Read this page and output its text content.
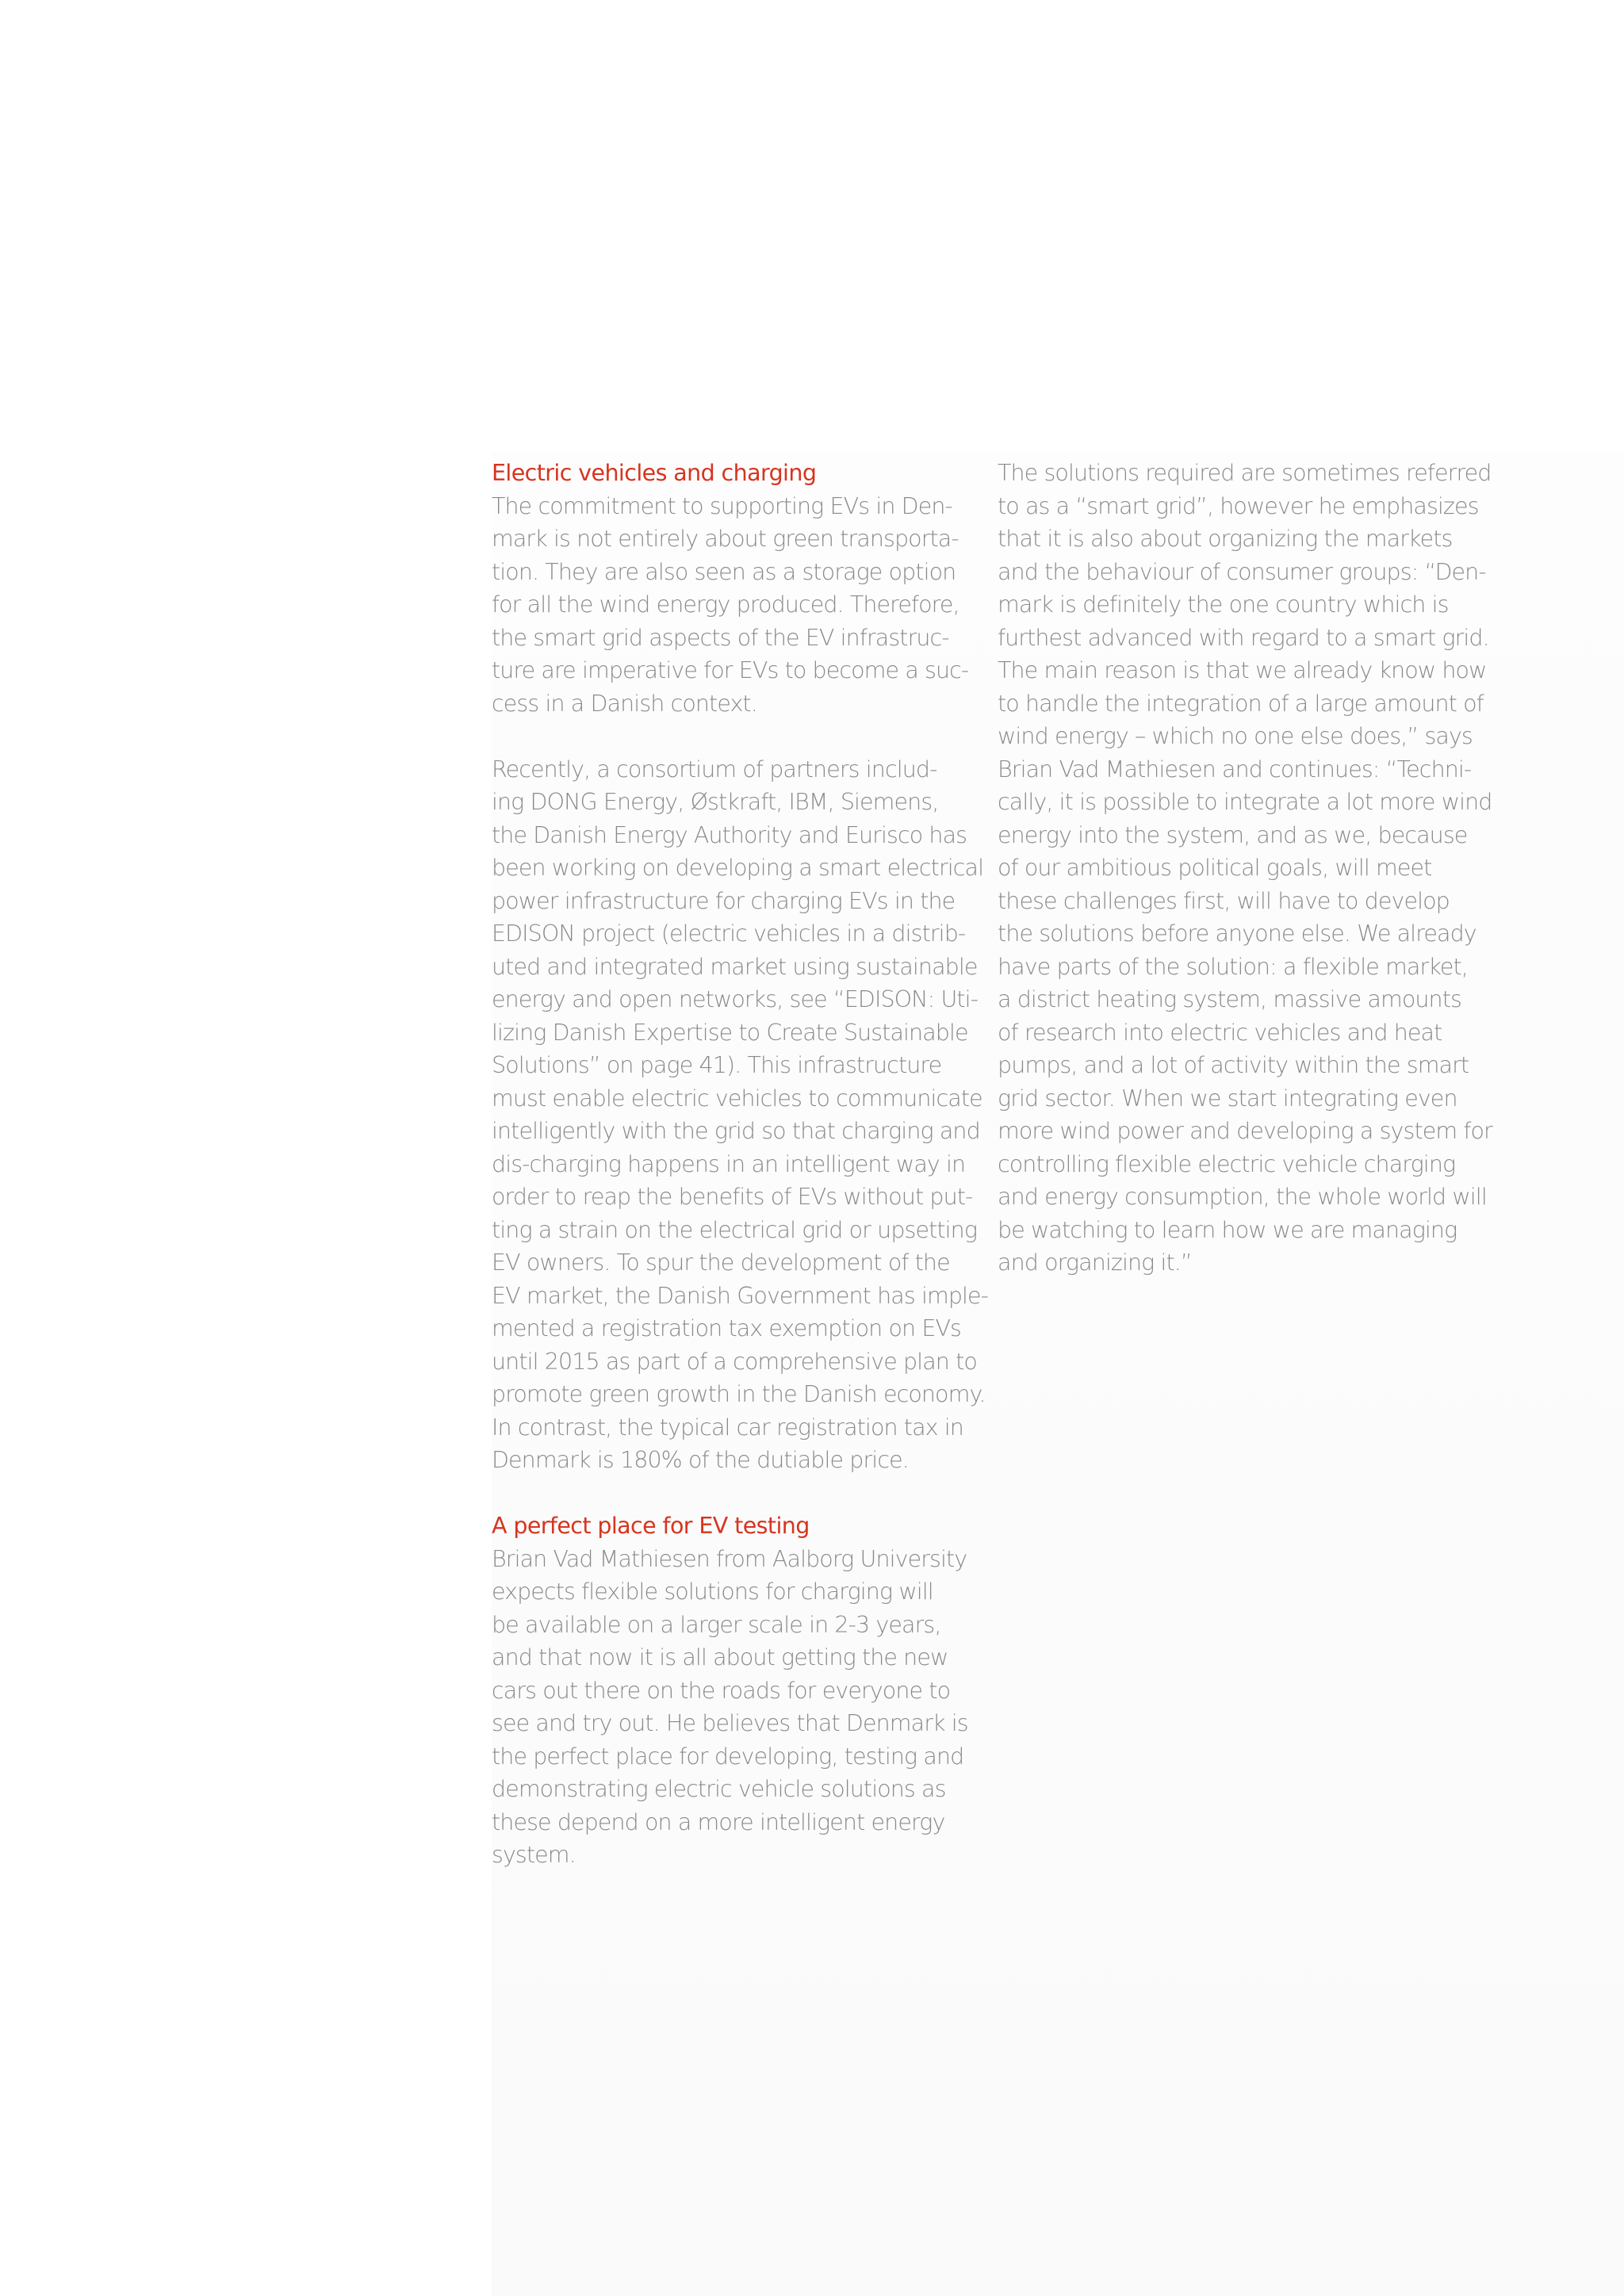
Electric vehicles and charging
The commitment to supporting EVs in Den-
mark is not entirely about green transporta-
tion. They are also seen as a storage option
for all the wind energy produced. Therefore,
the smart grid aspects of the EV infrastruc-
ture are imperative for EVs to become a suc-
cess in a Danish context.
Recently, a consortium of partners includ-
ing DONG Energy, Østkraft, IBM, Siemens,
the Danish Energy Authority and Eurisco has
been working on developing a smart electrical
power infrastructure for charging EVs in the
EDISON project (electric vehicles in a distrib-
uted and integrated market using sustainable
energy and open networks, see “EDISON: Uti-
lizing Danish Expertise to Create Sustainable
Solutions” on page 41). This infrastructure
must enable electric vehicles to communicate
intelligently with the grid so that charging and
dis-charging happens in an intelligent way in
order to reap the benefits of EVs without put-
ting a strain on the electrical grid or upsetting
EV owners. To spur the development of the
EV market, the Danish Government has imple-
mented a registration tax exemption on EVs
until 2015 as part of a comprehensive plan to
promote green growth in the Danish economy.
In contrast, the typical car registration tax in
Denmark is 180% of the dutiable price.
A perfect place for EV testing
Brian Vad Mathiesen from Aalborg University
expects flexible solutions for charging will
be available on a larger scale in 2-3 years,
and that now it is all about getting the new
cars out there on the roads for everyone to
see and try out. He believes that Denmark is
the perfect place for developing, testing and
demonstrating electric vehicle solutions as
these depend on a more intelligent energy
system.
The solutions required are sometimes referred
to as a “smart grid”, however he emphasizes
that it is also about organizing the markets
and the behaviour of consumer groups: “Den-
mark is definitely the one country which is
furthest advanced with regard to a smart grid.
The main reason is that we already know how
to handle the integration of a large amount of
wind energy – which no one else does,” says
Brian Vad Mathiesen and continues: “Techni-
cally, it is possible to integrate a lot more wind
energy into the system, and as we, because
of our ambitious political goals, will meet
these challenges first, will have to develop
the solutions before anyone else. We already
have parts of the solution: a flexible market,
a district heating system, massive amounts
of research into electric vehicles and heat
pumps, and a lot of activity within the smart
grid sector. When we start integrating even
more wind power and developing a system for
controlling flexible electric vehicle charging
and energy consumption, the whole world will
be watching to learn how we are managing
and organizing it.”
